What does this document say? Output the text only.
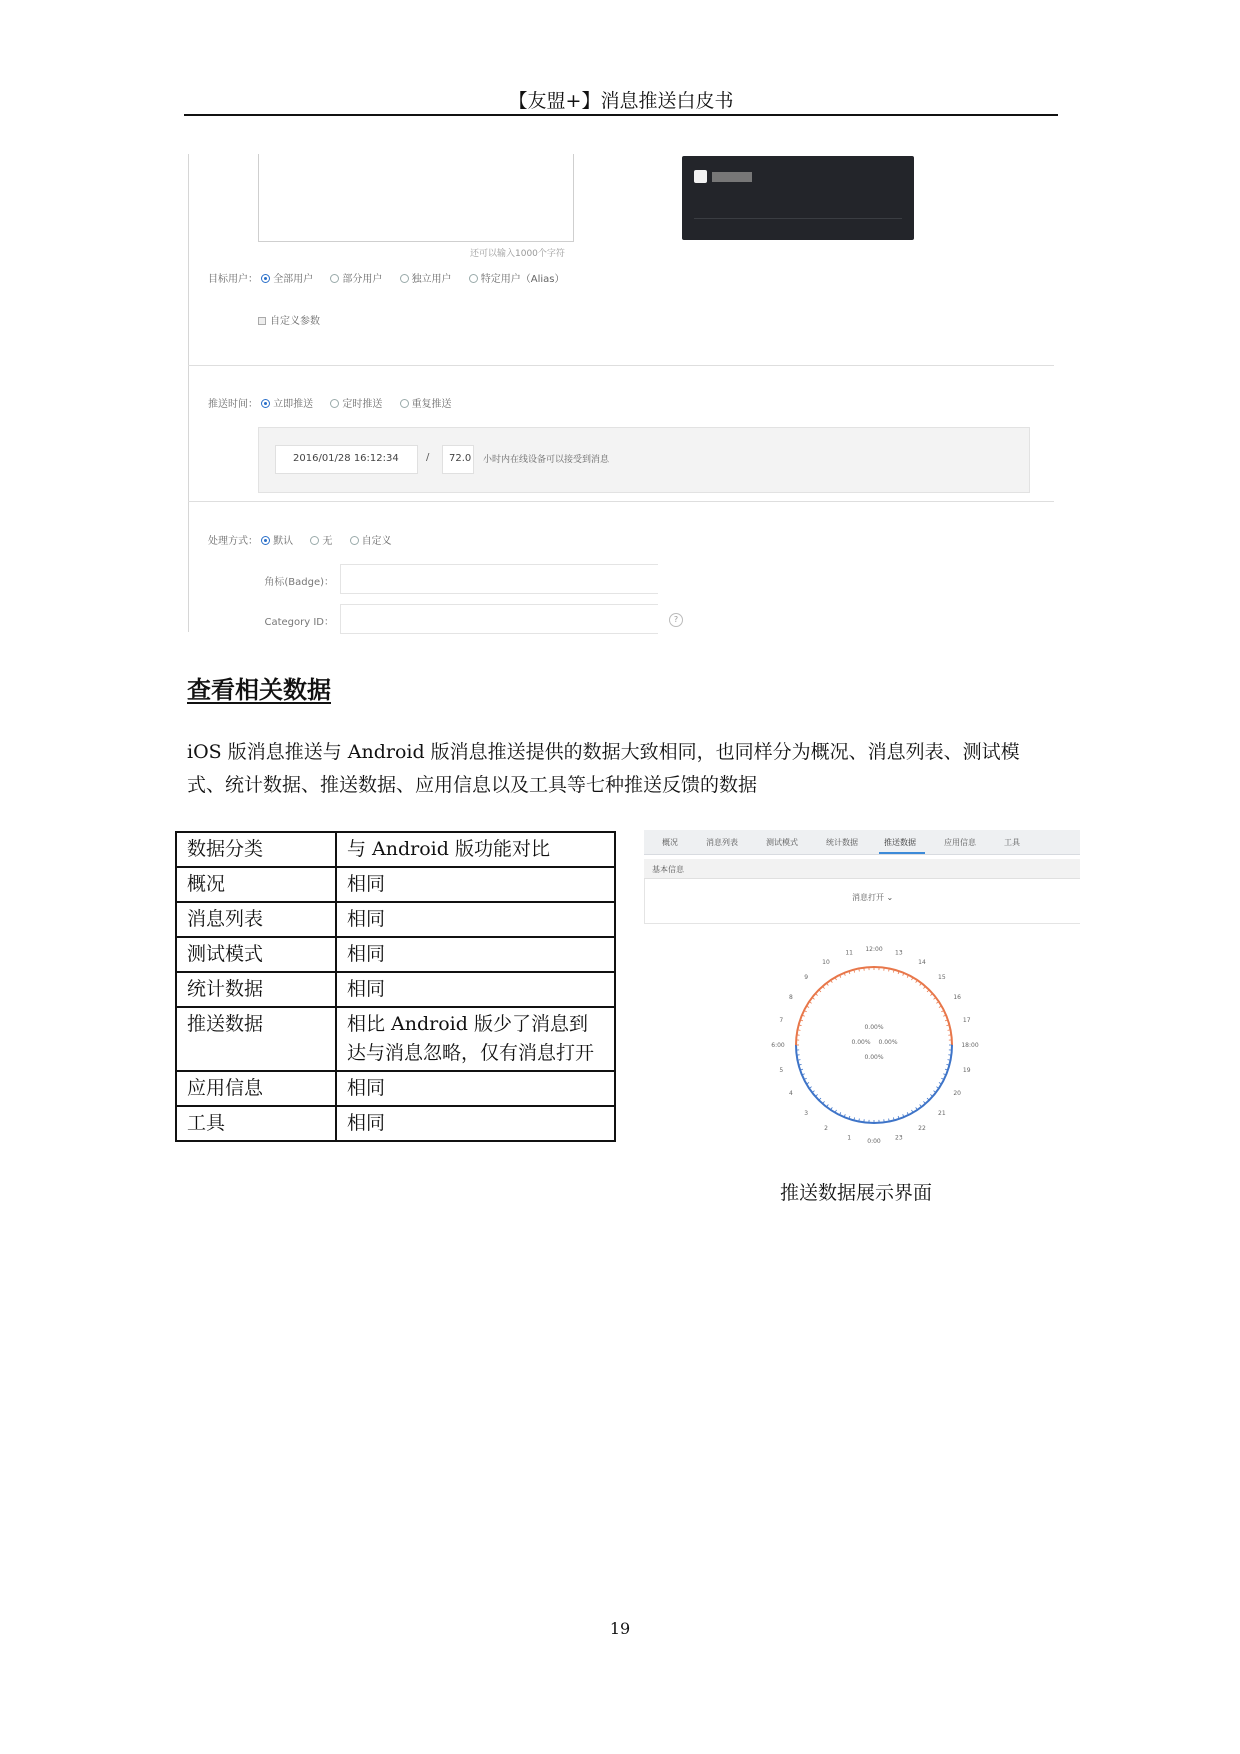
【友盟+】消息推送白皮书
还可以输入1000个字符
目标用户： 全部用户	部分用户	独立用户	特定用户（Alias）
自定义参数
推送时间： 立即推送	定时推送	重复推送
2016/01/28 16:12:34	/	72.0	小时内在线设备可以接受到消息
处理方式： 默认	无	自定义
角标(Badge)：
Category ID：	?
查看相关数据
iOS 版消息推送与 Android 版消息推送提供的数据大致相同，也同样分为概况、消息列表、测试模式、统计数据、推送数据、应用信息以及工具等七种推送反馈的数据
数据分类	与 Android 版功能对比
概况	相同
消息列表	相同
测试模式	相同
统计数据	相同
推送数据	相比 Android 版少了消息到达与消息忽略，仅有消息打开
应用信息	相同
工具	相同
概况	消息列表	测试模式	统计数据	推送数据	应用信息	工具
基本信息
消息打开 ⌄
0:00
1
2
3
4
5
6:00
7
8
9
10
11 12:00 13
14
15
16
17
18:00
19
20
21
22
23
0.00%
0.00% 0.00%
0.00%
推送数据展示界面
19
